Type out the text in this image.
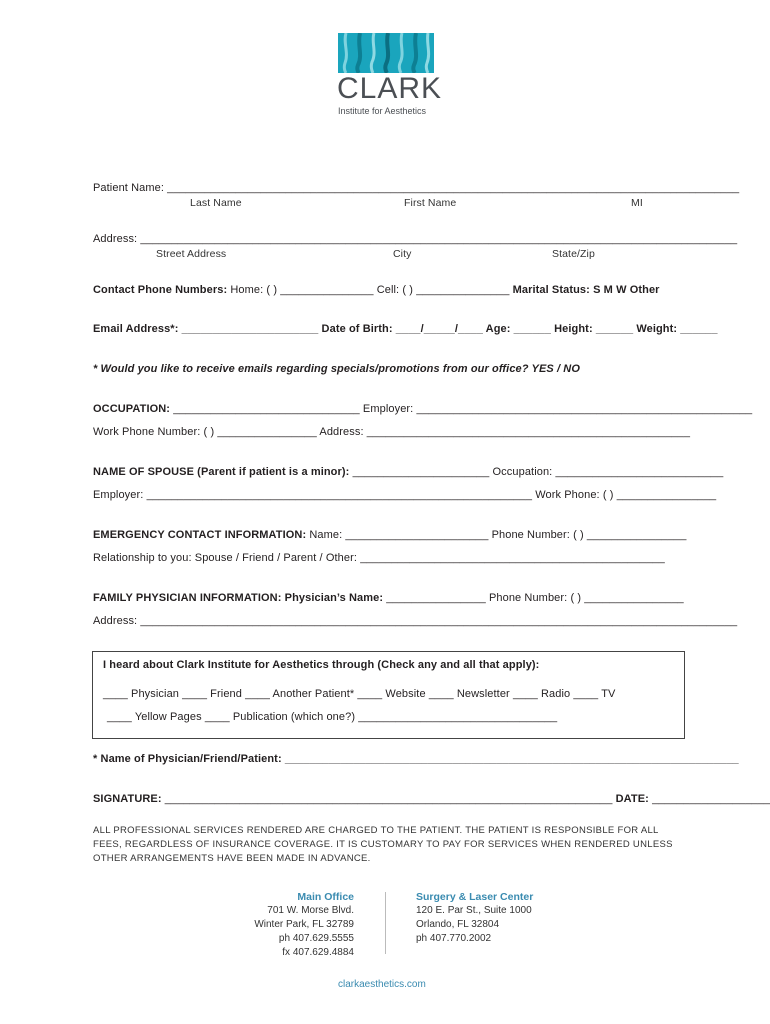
CLARK
Institute for Aesthetics
Patient Name: ____________________________________________________________________________________________
Last Name	First Name	MI
Address: ________________________________________________________________________________________________
Street Address	City	State/Zip
Contact Phone Numbers: Home: ( ) _______________ Cell: ( ) _______________ Marital Status: S M W Other
Email Address*: ______________________ Date of Birth: ____/_____/____ Age: ______ Height: ______ Weight: ______
* Would you like to receive emails regarding specials/promotions from our office? YES / NO
OCCUPATION: ______________________________ Employer: ______________________________________________________
Work Phone Number: ( ) ________________ Address: ____________________________________________________
NAME OF SPOUSE (Parent if patient is a minor): ______________________ Occupation: ___________________________
Employer: ______________________________________________________________ Work Phone: ( ) ________________
EMERGENCY CONTACT INFORMATION: Name: _______________________ Phone Number: ( ) ________________
Relationship to you: Spouse / Friend / Parent / Other: _________________________________________________
FAMILY PHYSICIAN INFORMATION: Physician’s Name: ________________ Phone Number: ( ) ________________
Address: ________________________________________________________________________________________________
I heard about Clark Institute for Aesthetics through (Check any and all that apply):
____ Physician ____ Friend ____ Another Patient* ____ Website ____ Newsletter ____ Radio ____ TV
____ Yellow Pages ____ Publication (which one?) ________________________________
* Name of Physician/Friend/Patient: _________________________________________________________________________
SIGNATURE: ________________________________________________________________________ DATE: ___________________
ALL PROFESSIONAL SERVICES RENDERED ARE CHARGED TO THE PATIENT. THE PATIENT IS RESPONSIBLE FOR ALL FEES, REGARDLESS OF INSURANCE COVERAGE. IT IS CUSTOMARY TO PAY FOR SERVICES WHEN RENDERED UNLESS OTHER ARRANGEMENTS HAVE BEEN MADE IN ADVANCE.
Main Office
701 W. Morse Blvd.
Winter Park, FL 32789
ph 407.629.5555
fx 407.629.4884
Surgery & Laser Center
120 E. Par St., Suite 1000
Orlando, FL 32804
ph 407.770.2002
clarkaesthetics.com
